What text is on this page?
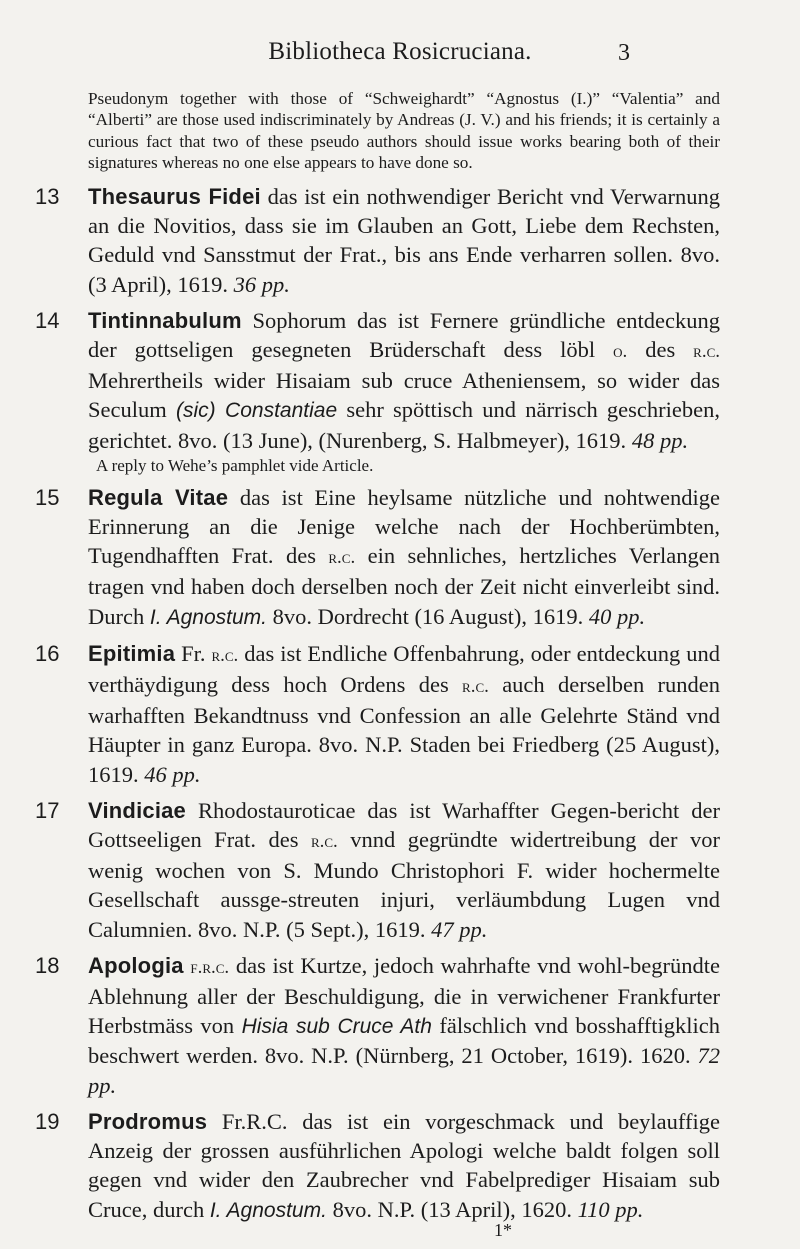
Bibliotheca Rosicruciana.	3

Pseudonym together with those of “Schweighardt” “Agnostus (I.)” “Valentia” and “Alberti” are those used indiscriminately by Andreas (J. V.) and his friends; it is certainly a curious fact that two of these pseudo authors should issue works bearing both of their signatures whereas no one else appears to have done so.

13 Thesaurus Fidei das ist ein nothwendiger Bericht vnd Verwarnung an die Novitios, dass sie im Glauben an Gott, Liebe dem Rechsten, Geduld vnd Sansstmut der Frat., bis ans Ende verharren sollen. 8vo. (3 April), 1619. 36 pp.
14 Tintinnabulum Sophorum das ist Fernere gründliche entdeckung der gottseligen gesegneten Brüderschaft dess löbl o. des r.c. Mehrertheils wider Hisaiam sub cruce Atheniensem, so wider das Seculum (sic) Constantiae sehr spöttisch und närrisch geschrieben, gerichtet. 8vo. (13 June), (Nurenberg, S. Halbmeyer), 1619. 48 pp.
A reply to Wehe’s pamphlet vide Article.
15 Regula Vitae das ist Eine heylsame nützliche und nohtwendige Erinnerung an die Jenige welche nach der Hochberümbten, Tugendhafften Frat. des r.c. ein sehnliches, hertzliches Verlangen tragen vnd haben doch derselben noch der Zeit nicht einverleibt sind. Durch I. Agnostum. 8vo. Dordrecht (16 August), 1619. 40 pp.
16 Epitimia Fr. r.c. das ist Endliche Offenbahrung, oder entdeckung und verthäydigung dess hoch Ordens des r.c. auch derselben runden warhafften Bekandtnuss vnd Confession an alle Gelehrte Ständ vnd Häupter in ganz Europa. 8vo. N.P. Staden bei Friedberg (25 August), 1619. 46 pp.
17 Vindiciae Rhodostauroticae das ist Warhaffter Gegen-bericht der Gottseeligen Frat. des r.c. vnnd gegründte widertreibung der vor wenig wochen von S. Mundo Christophori F. wider hochermelte Gesellschaft aussge-streuten injuri, verläumbdung Lugen vnd Calumnien. 8vo. N.P. (5 Sept.), 1619. 47 pp.
18 Apologia f.r.c. das ist Kurtze, jedoch wahrhafte vnd wohl-begründte Ablehnung aller der Beschuldigung, die in verwichener Frankfurter Herbstmäss von Hisia sub Cruce Ath fälschlich vnd bosshafftigklich beschwert werden. 8vo. N.P. (Nürnberg, 21 October, 1619). 1620. 72 pp.
19 Prodromus Fr.R.C. das ist ein vorgeschmack und beylauffige Anzeig der grossen ausführlichen Apologi welche baldt folgen soll gegen vnd wider den Zaubrecher vnd Fabelprediger Hisaiam sub Cruce, durch I. Agnostum. 8vo. N.P. (13 April), 1620. 110 pp.
1*
